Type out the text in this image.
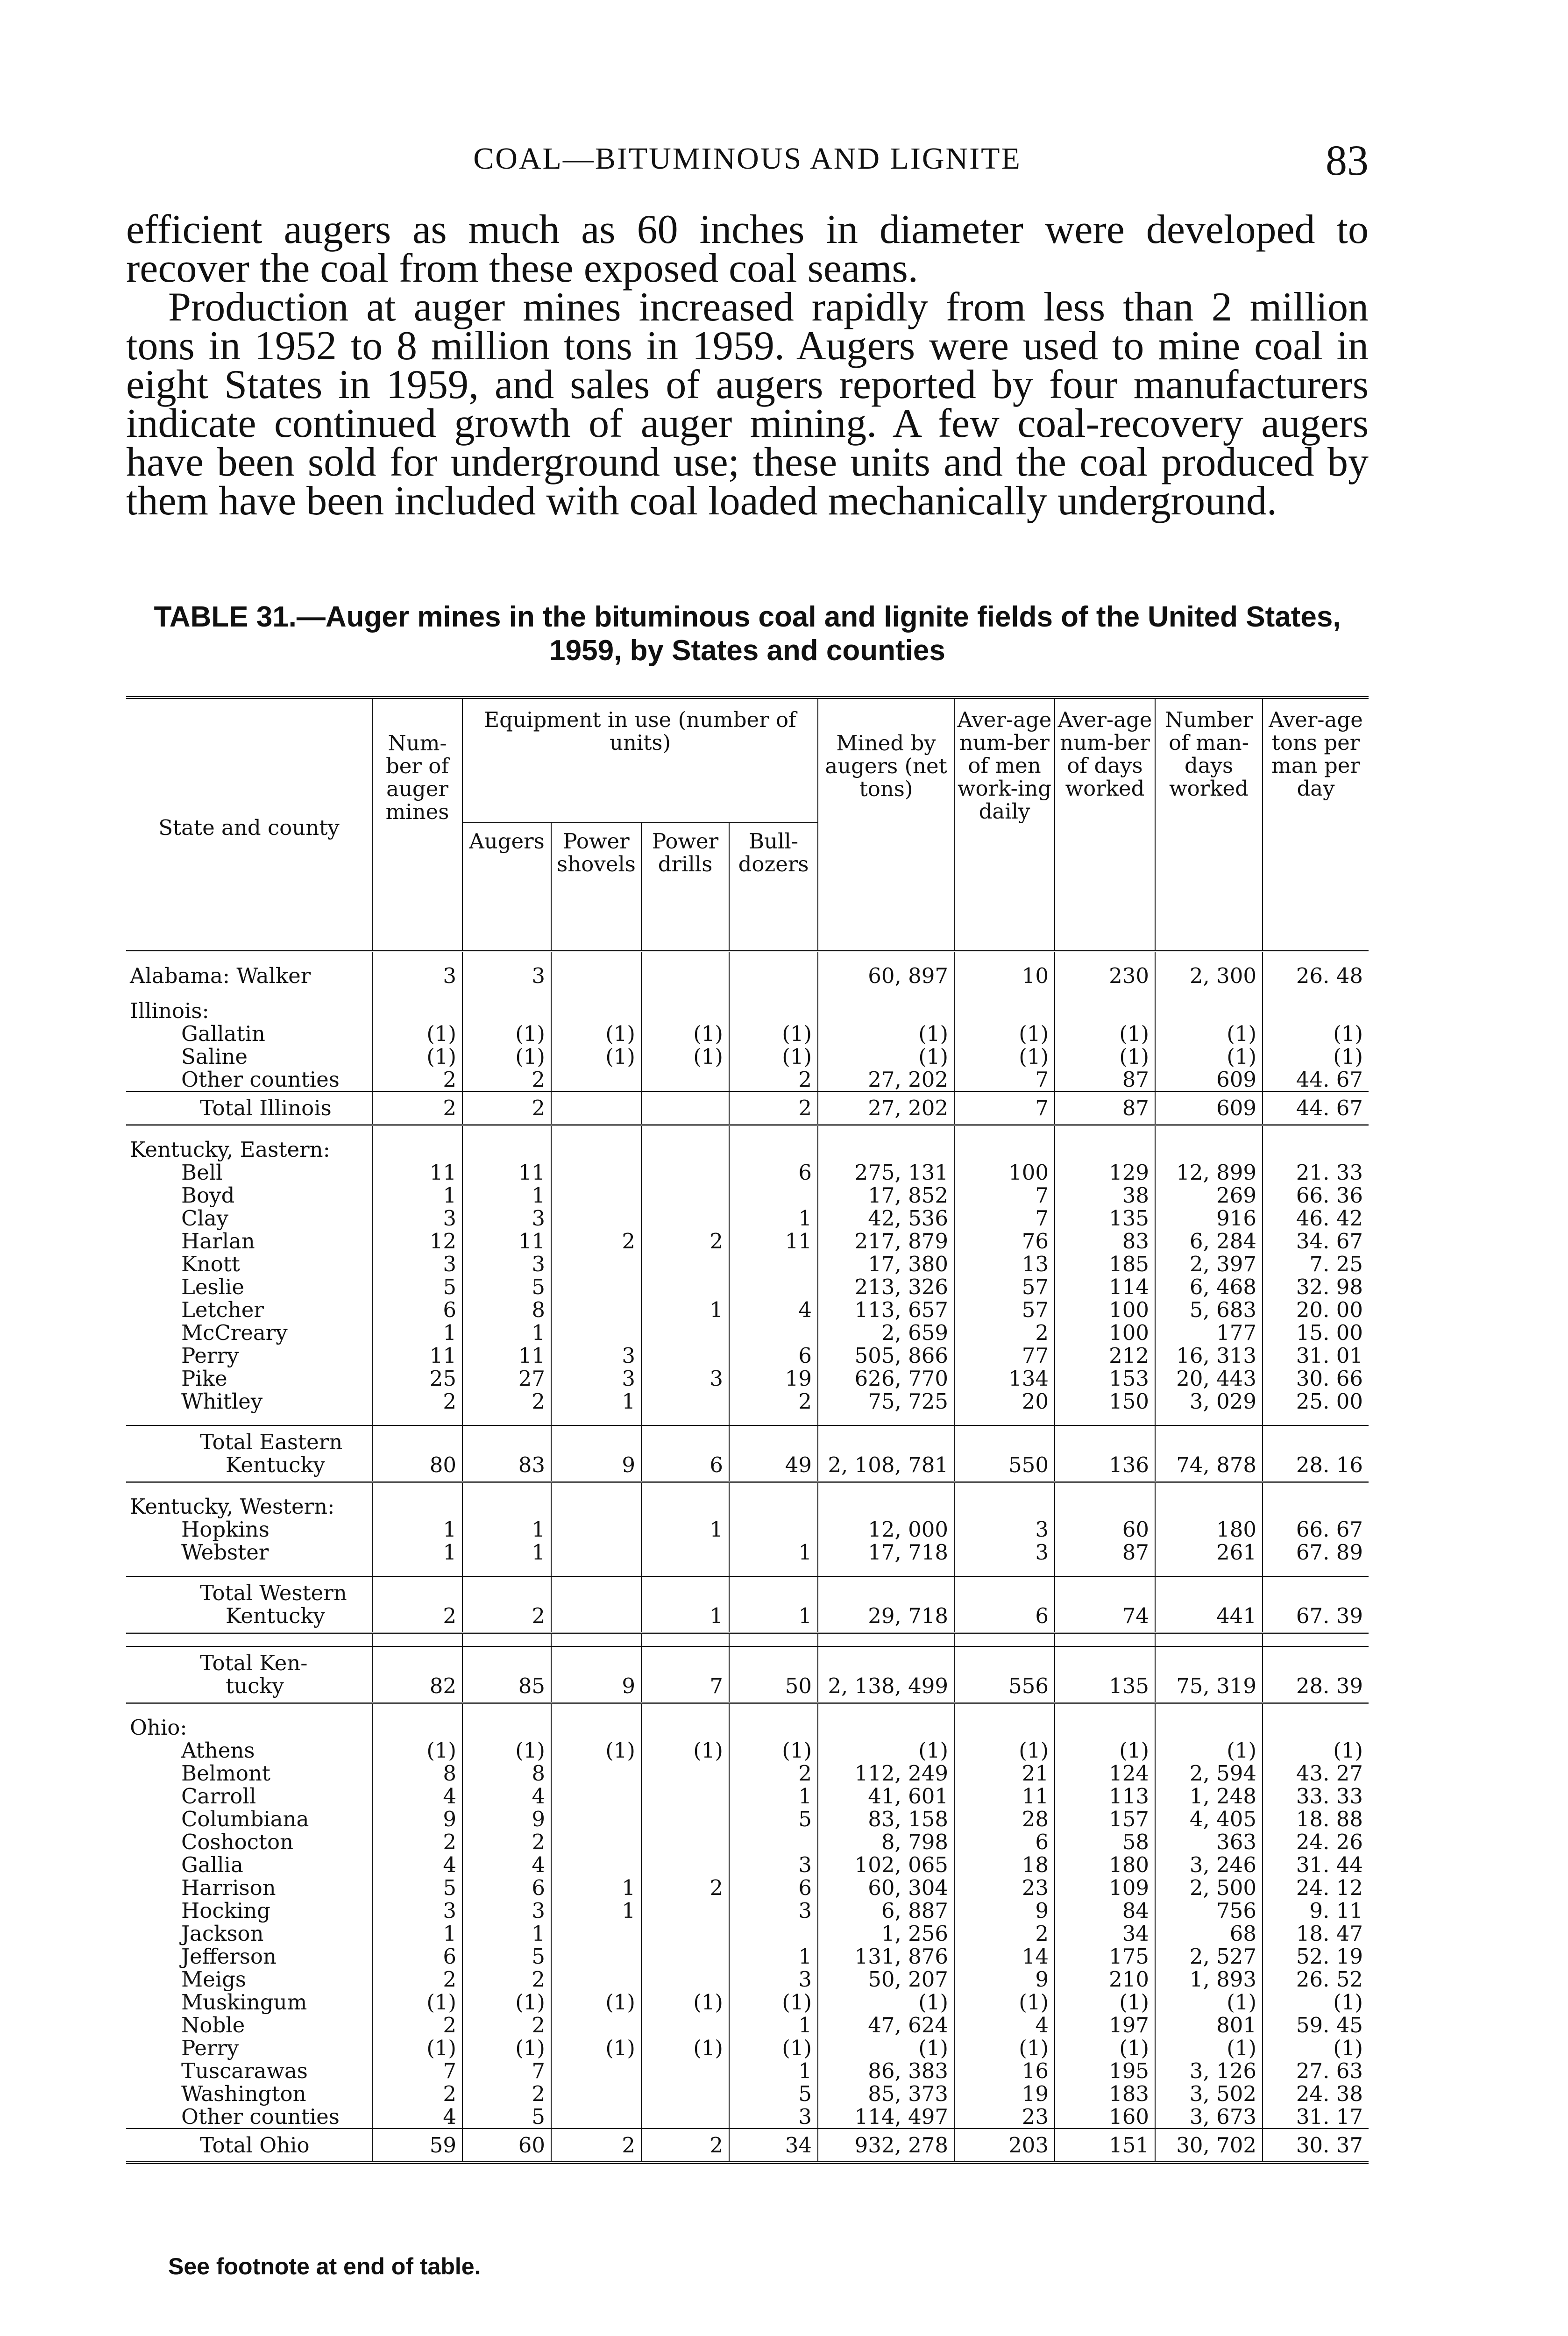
COAL—BITUMINOUS AND LIGNITE	83

efficient augers as much as 60 inches in diameter were developed to recover the coal from these exposed coal seams.

Production at auger mines increased rapidly from less than 2 million tons in 1952 to 8 million tons in 1959. Augers were used to mine coal in eight States in 1959, and sales of augers reported by four manufacturers indicate continued growth of auger mining. A few coal-recovery augers have been sold for underground use; these units and the coal produced by them have been included with coal loaded mechanically underground.

TABLE 31.—Auger mines in the bituminous coal and lignite fields of the United States, 1959, by States and counties
State and county	Num-ber of auger mines	Equipment in use (number of units)				Mined by augers (net tons)	Aver-age num-ber of men work-ing daily	Aver-age num-ber of days worked	Number of man-days worked	Aver-age tons per man per day
		Augers	Power shovels	Power drills	Bull-dozers					

Alabama: Walker	3	3				60, 897	10	230	2, 300	26. 48

Illinois:										

Gallatin	(1)	(1)	(1)	(1)	(1)	(1)	(1)	(1)	(1)	(1)

Saline	(1)	(1)	(1)	(1)	(1)	(1)	(1)	(1)	(1)	(1)

Other counties	2	2			2	27, 202	7	87	609	44. 67

Total Illinois	2	2			2	27, 202	7	87	609	44. 67

Kentucky, Eastern:										

Bell	11	11			6	275, 131	100	129	12, 899	21. 33

Boyd	1	1				17, 852	7	38	269	66. 36

Clay	3	3			1	42, 536	7	135	916	46. 42

Harlan	12	11	2	2	11	217, 879	76	83	6, 284	34. 67

Knott	3	3				17, 380	13	185	2, 397	7. 25

Leslie	5	5				213, 326	57	114	6, 468	32. 98

Letcher	6	8		1	4	113, 657	57	100	5, 683	20. 00

McCreary	1	1				2, 659	2	100	177	15. 00

Perry	11	11	3		6	505, 866	77	212	16, 313	31. 01

Pike	25	27	3	3	19	626, 770	134	153	20, 443	30. 66

Whitley	2	2	1		2	75, 725	20	150	3, 029	25. 00

Total Eastern
Kentucky	80	83	9	6	49	2, 108, 781	550	136	74, 878	28. 16

Kentucky, Western:										

Hopkins	1	1		1		12, 000	3	60	180	66. 67

Webster	1	1			1	17, 718	3	87	261	67. 89

Total Western
Kentucky	2	2		1	1	29, 718	6	74	441	67. 39

Total Ken-
tucky	82	85	9	7	50	2, 138, 499	556	135	75, 319	28. 39

Ohio:										

Athens	(1)	(1)	(1)	(1)	(1)	(1)	(1)	(1)	(1)	(1)

Belmont	8	8			2	112, 249	21	124	2, 594	43. 27

Carroll	4	4			1	41, 601	11	113	1, 248	33. 33

Columbiana	9	9			5	83, 158	28	157	4, 405	18. 88

Coshocton	2	2				8, 798	6	58	363	24. 26

Gallia	4	4			3	102, 065	18	180	3, 246	31. 44

Harrison	5	6	1	2	6	60, 304	23	109	2, 500	24. 12

Hocking	3	3	1		3	6, 887	9	84	756	9. 11

Jackson	1	1				1, 256	2	34	68	18. 47

Jefferson	6	5			1	131, 876	14	175	2, 527	52. 19

Meigs	2	2			3	50, 207	9	210	1, 893	26. 52

Muskingum	(1)	(1)	(1)	(1)	(1)	(1)	(1)	(1)	(1)	(1)

Noble	2	2			1	47, 624	4	197	801	59. 45

Perry	(1)	(1)	(1)	(1)	(1)	(1)	(1)	(1)	(1)	(1)

Tuscarawas	7	7			1	86, 383	16	195	3, 126	27. 63

Washington	2	2			5	85, 373	19	183	3, 502	24. 38

Other counties	4	5			3	114, 497	23	160	3, 673	31. 17

Total Ohio	59	60	2	2	34	932, 278	203	151	30, 702	30. 37
See footnote at end of table.
